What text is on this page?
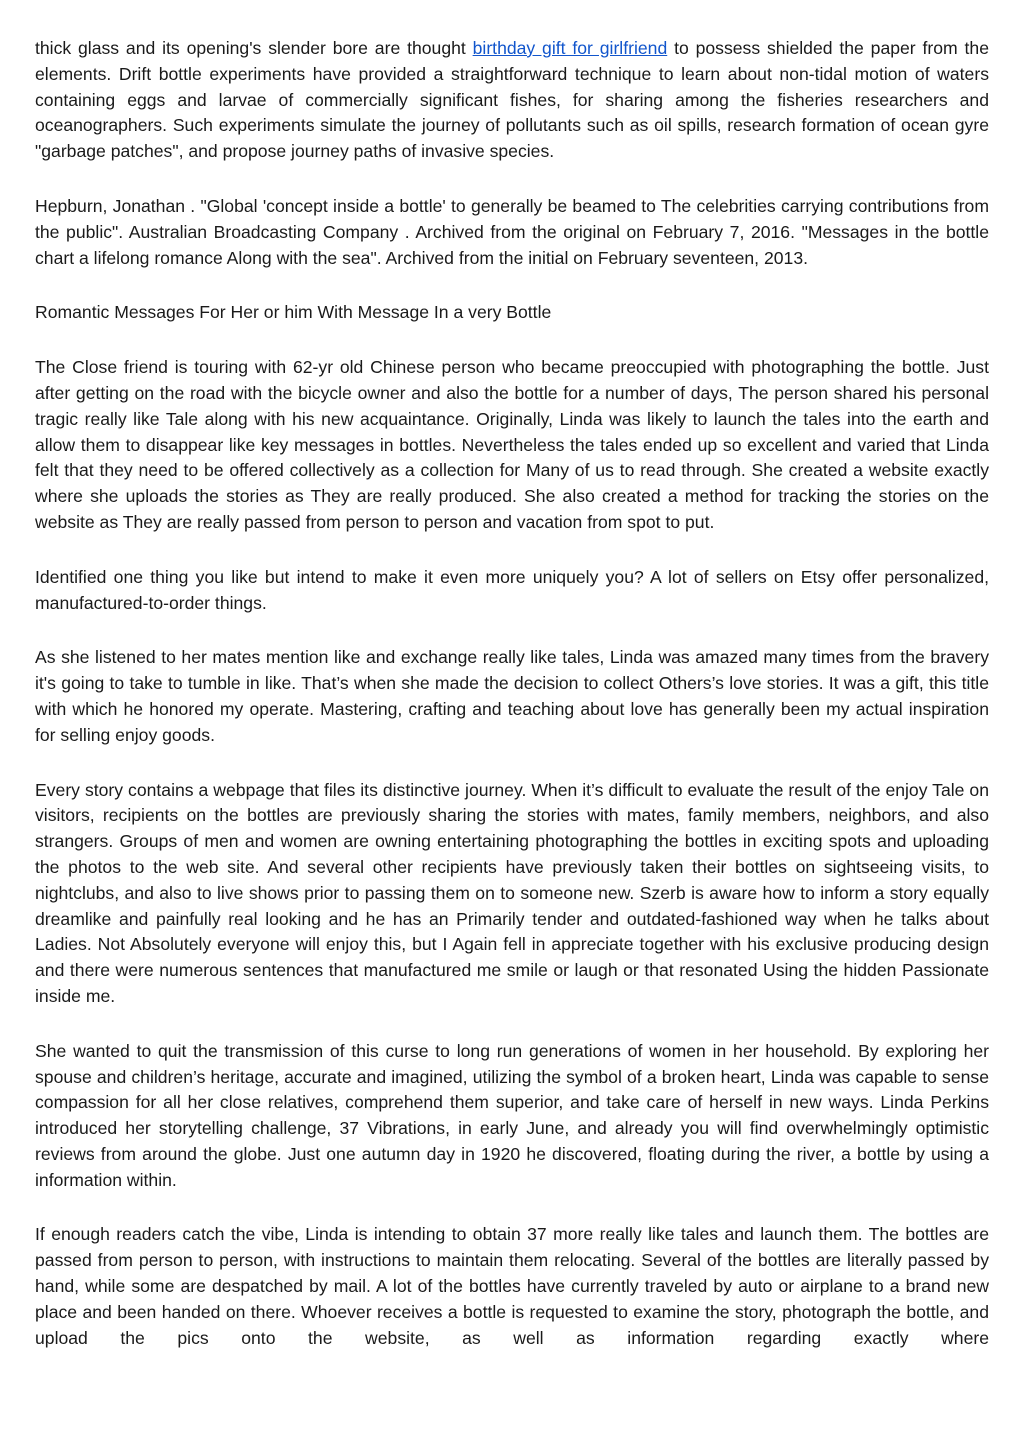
thick glass and its opening's slender bore are thought birthday gift for girlfriend to possess shielded the paper from the elements. Drift bottle experiments have provided a straightforward technique to learn about non-tidal motion of waters containing eggs and larvae of commercially significant fishes, for sharing among the fisheries researchers and oceanographers. Such experiments simulate the journey of pollutants such as oil spills, research formation of ocean gyre "garbage patches", and propose journey paths of invasive species.

Hepburn, Jonathan . "Global 'concept inside a bottle' to generally be beamed to The celebrities carrying contributions from the public". Australian Broadcasting Company . Archived from the original on February 7, 2016. "Messages in the bottle chart a lifelong romance Along with the sea". Archived from the initial on February seventeen, 2013.

Romantic Messages For Her or him With Message In a very Bottle

The Close friend is touring with 62-yr old Chinese person who became preoccupied with photographing the bottle. Just after getting on the road with the bicycle owner and also the bottle for a number of days, The person shared his personal tragic really like Tale along with his new acquaintance. Originally, Linda was likely to launch the tales into the earth and allow them to disappear like key messages in bottles. Nevertheless the tales ended up so excellent and varied that Linda felt that they need to be offered collectively as a collection for Many of us to read through. She created a website exactly where she uploads the stories as They are really produced. She also created a method for tracking the stories on the website as They are really passed from person to person and vacation from spot to put.

Identified one thing you like but intend to make it even more uniquely you? A lot of sellers on Etsy offer personalized, manufactured-to-order things.

As she listened to her mates mention like and exchange really like tales, Linda was amazed many times from the bravery it's going to take to tumble in like. That’s when she made the decision to collect Others’s love stories. It was a gift, this title with which he honored my operate. Mastering, crafting and teaching about love has generally been my actual inspiration for selling enjoy goods.

Every story contains a webpage that files its distinctive journey. When it’s difficult to evaluate the result of the enjoy Tale on visitors, recipients on the bottles are previously sharing the stories with mates, family members, neighbors, and also strangers. Groups of men and women are owning entertaining photographing the bottles in exciting spots and uploading the photos to the web site. And several other recipients have previously taken their bottles on sightseeing visits, to nightclubs, and also to live shows prior to passing them on to someone new. Szerb is aware how to inform a story equally dreamlike and painfully real looking and he has an Primarily tender and outdated-fashioned way when he talks about Ladies. Not Absolutely everyone will enjoy this, but I Again fell in appreciate together with his exclusive producing design and there were numerous sentences that manufactured me smile or laugh or that resonated Using the hidden Passionate inside me.

She wanted to quit the transmission of this curse to long run generations of women in her household. By exploring her spouse and children’s heritage, accurate and imagined, utilizing the symbol of a broken heart, Linda was capable to sense compassion for all her close relatives, comprehend them superior, and take care of herself in new ways. Linda Perkins introduced her storytelling challenge, 37 Vibrations, in early June, and already you will find overwhelmingly optimistic reviews from around the globe. Just one autumn day in 1920 he discovered, floating during the river, a bottle by using a information within.

If enough readers catch the vibe, Linda is intending to obtain 37 more really like tales and launch them. The bottles are passed from person to person, with instructions to maintain them relocating. Several of the bottles are literally passed by hand, while some are despatched by mail. A lot of the bottles have currently traveled by auto or airplane to a brand new place and been handed on there. Whoever receives a bottle is requested to examine the story, photograph the bottle, and upload the pics onto the website, as well as information regarding exactly where
